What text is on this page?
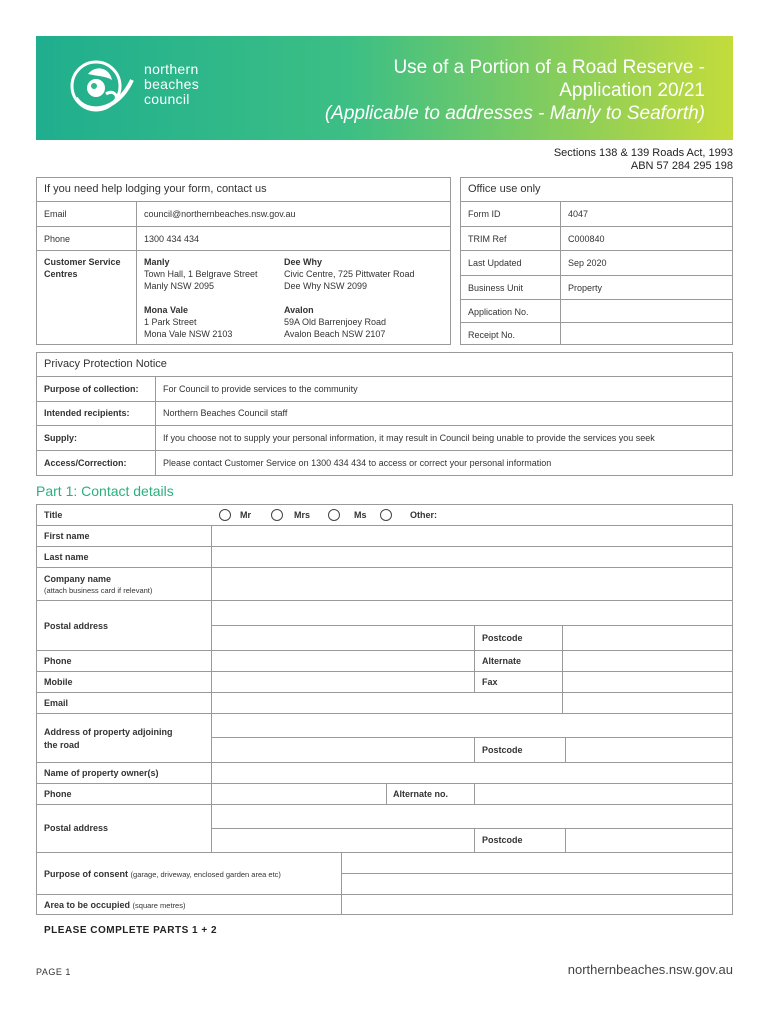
northern
beaches
council
Use of a Portion of a Road Reserve -
Application 20/21
(Applicable to addresses - Manly to Seaforth)
Sections 138 & 139 Roads Act, 1993
ABN 57 284 295 198
If you need help lodging your form, contact us
Email	council@northernbeaches.nsw.gov.au
Phone	1300 434 434
Customer Service Centres
Manly
Town Hall, 1 Belgrave Street
Manly NSW 2095
Dee Why
Civic Centre, 725 Pittwater Road
Dee Why NSW 2099
Mona Vale
1 Park Street
Mona Vale NSW 2103
Avalon
59A Old Barrenjoey Road
Avalon Beach NSW 2107
Office use only
Form ID	4047
TRIM Ref	C000840
Last Updated	Sep 2020
Business Unit	Property
Application No.
Receipt No.
Privacy Protection Notice
Purpose of collection:	For Council to provide services to the community
Intended recipients:	Northern Beaches Council staff
Supply:	If you choose not to supply your personal information, it may result in Council being unable to provide the services you seek
Access/Correction:	Please contact Customer Service on 1300 434 434 to access or correct your personal information
Part 1: Contact details
Title	Mr	Mrs	Ms	Other:
First name
Last name
Company name
(attach business card if relevant)
Postal address
Postcode
Phone	Alternate
Mobile	Fax
Email
Address of property adjoining
the road	Postcode
Name of property owner(s)
Phone	Alternate no.
Postal address
Postcode
Purpose of consent (garage, driveway, enclosed garden area etc)
Area to be occupied (square metres)
PLEASE COMPLETE PARTS 1 + 2
PAGE 1	northernbeaches.nsw.gov.au
